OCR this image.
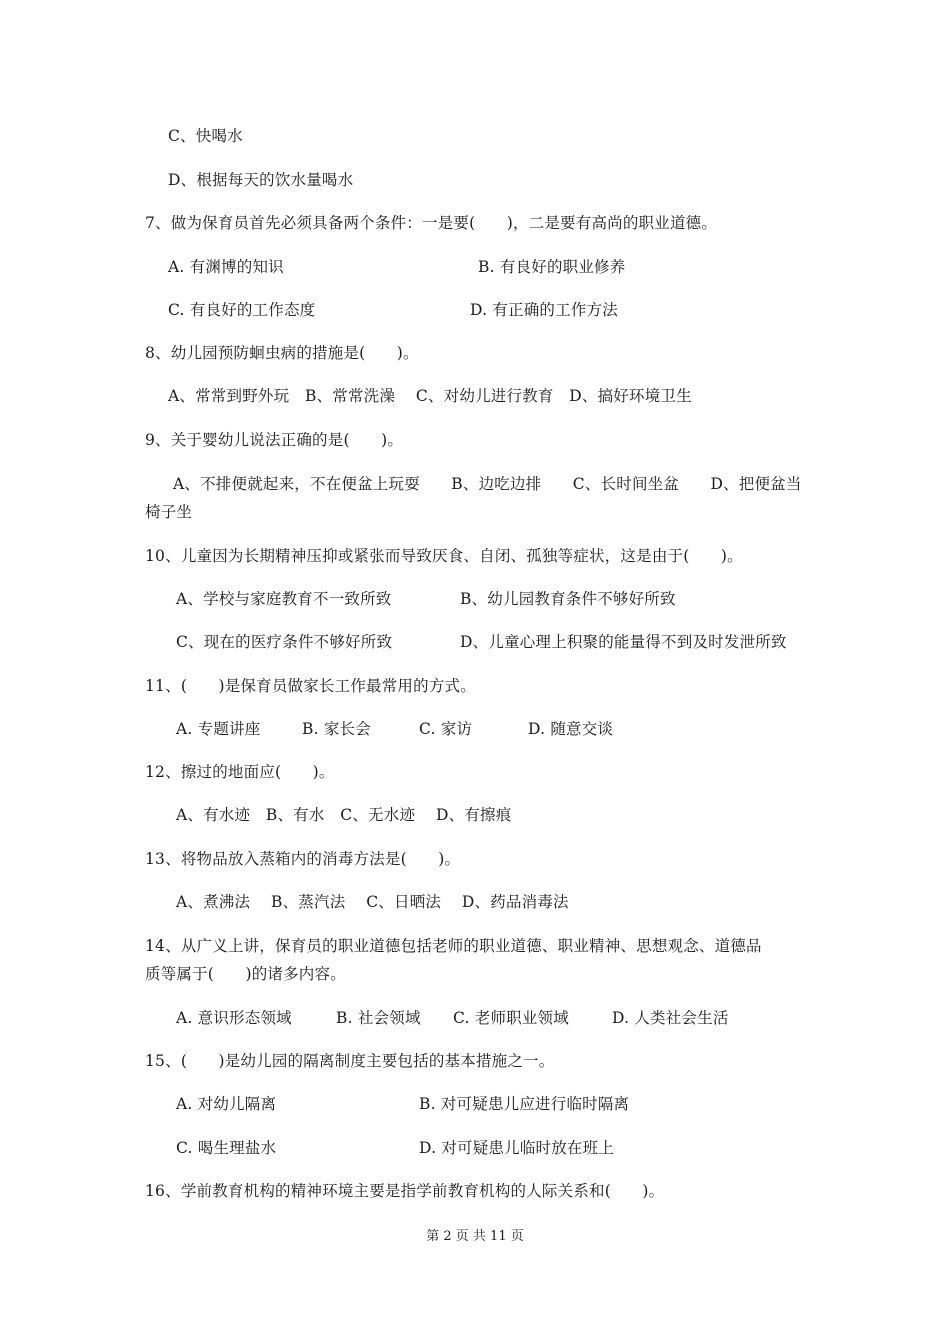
C、快喝水
D、根据每天的饮水量喝水
7、做为保育员首先必须具备两个条件：一是要(　　)，二是要有高尚的职业道德。
A. 有渊博的知识	B. 有良好的职业修养
C. 有良好的工作态度	D. 有正确的工作方法
8、幼儿园预防蛔虫病的措施是(　　)。
A、常常到野外玩　B、常常洗澡　 C、对幼儿进行教育　D、搞好环境卫生
9、关于婴幼儿说法正确的是(　　)。
A、不排便就起来，不在便盆上玩耍　　B、边吃边排　　C、长时间坐盆　　D、把便盆当
椅子坐
10、儿童因为长期精神压抑或紧张而导致厌食、自闭、孤独等症状，这是由于(　　)。
A、学校与家庭教育不一致所致	B、幼儿园教育条件不够好所致
C、现在的医疗条件不够好所致	D、儿童心理上积聚的能量得不到及时发泄所致
11、(　　)是保育员做家长工作最常用的方式。
A. 专题讲座	B. 家长会	C. 家访	D. 随意交谈
12、擦过的地面应(　　)。
A、有水迹　B、有水　C、无水迹　 D、有擦痕
13、将物品放入蒸箱内的消毒方法是(　　)。
A、煮沸法　 B、蒸汽法　 C、日晒法　 D、药品消毒法
14、从广义上讲，保育员的职业道德包括老师的职业道德、职业精神、思想观念、道德品
质等属于(　　)的诸多内容。
A. 意识形态领域	B. 社会领域 C. 老师职业领域	D. 人类社会生活
15、(　　)是幼儿园的隔离制度主要包括的基本措施之一。
A. 对幼儿隔离	B. 对可疑患儿应进行临时隔离
C. 喝生理盐水	D. 对可疑患儿临时放在班上
16、学前教育机构的精神环境主要是指学前教育机构的人际关系和(　　)。
第 2 页 共 11 页
